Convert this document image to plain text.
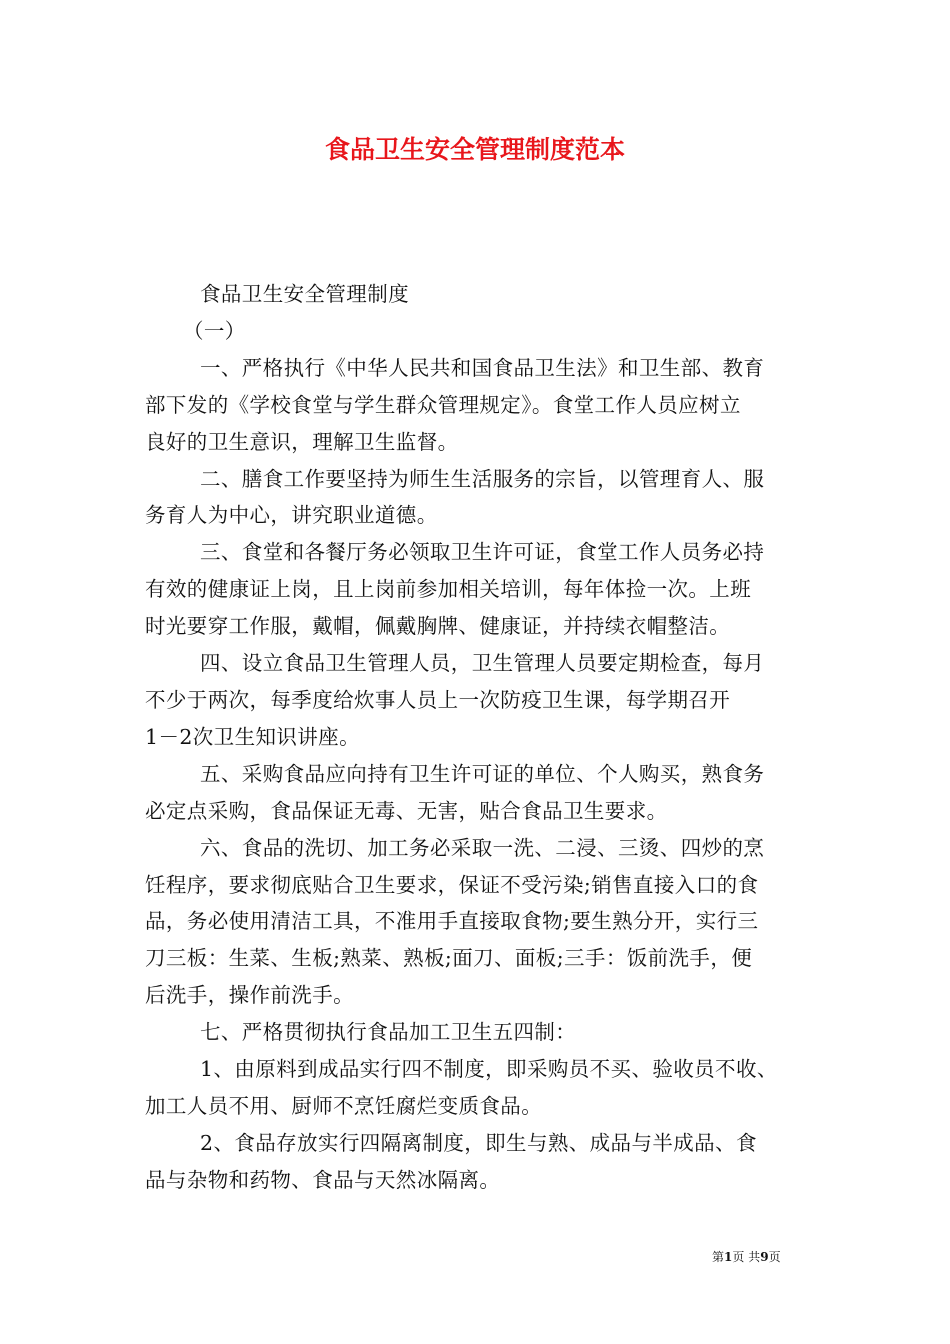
食品卫生安全管理制度范本
食品卫生安全管理制度
（一）
一、严格执行《中华人民共和国食品卫生法》和卫生部、教育
部下发的《学校食堂与学生群众管理规定》。食堂工作人员应树立
良好的卫生意识，理解卫生监督。
二、膳食工作要坚持为师生生活服务的宗旨，以管理育人、服
务育人为中心，讲究职业道德。
三、食堂和各餐厅务必领取卫生许可证，食堂工作人员务必持
有效的健康证上岗，且上岗前参加相关培训，每年体捡一次。上班
时光要穿工作服，戴帽，佩戴胸牌、健康证，并持续衣帽整洁。
四、设立食品卫生管理人员，卫生管理人员要定期检查，每月
不少于两次，每季度给炊事人员上一次防疫卫生课，每学期召开
1－2次卫生知识讲座。
五、采购食品应向持有卫生许可证的单位、个人购买，熟食务
必定点采购，食品保证无毒、无害，贴合食品卫生要求。
六、食品的洗切、加工务必采取一洗、二浸、三烫、四炒的烹
饪程序，要求彻底贴合卫生要求，保证不受污染;销售直接入口的食
品，务必使用清洁工具，不准用手直接取食物;要生熟分开，实行三
刀三板：生菜、生板;熟菜、熟板;面刀、面板;三手：饭前洗手，便
后洗手，操作前洗手。
七、严格贯彻执行食品加工卫生五四制：
1、由原料到成品实行四不制度，即采购员不买、验收员不收、
加工人员不用、厨师不烹饪腐烂变质食品。
2、食品存放实行四隔离制度，即生与熟、成品与半成品、食
品与杂物和药物、食品与天然冰隔离。
第1页 共9页
